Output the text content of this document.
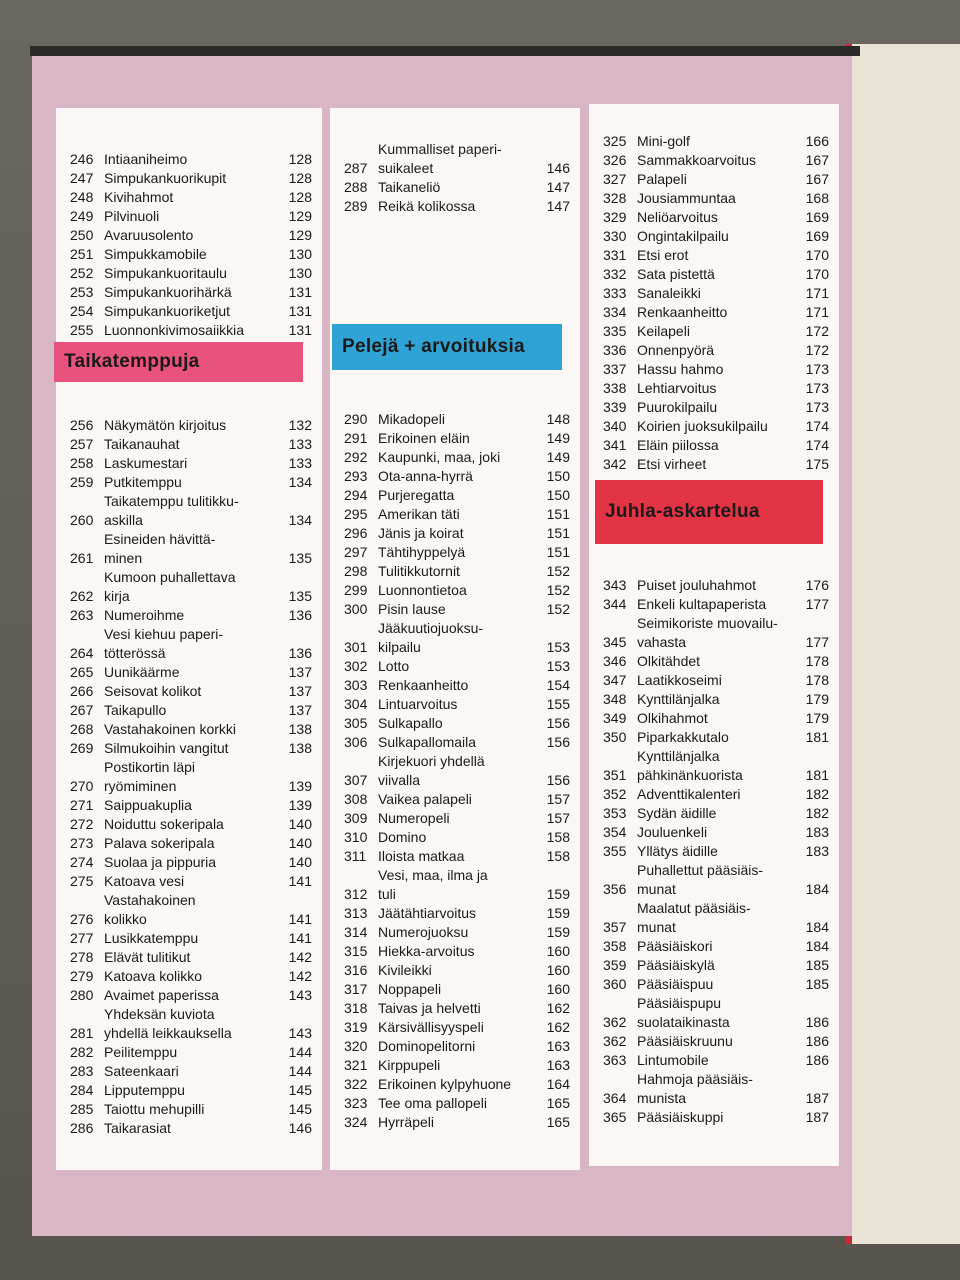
246 Intiaaniheimo	128
247 Simpukankuorikupit	128
248 Kivihahmot	128
249 Pilvinuoli	129
250 Avaruusolento	129
251 Simpukkamobile	130
252 Simpukankuoritaulu	130
253 Simpukankuorihärkä	131
254 Simpukankuoriketjut	131
255 Luonnonkivimosaiikkia	131
Taikatemppuja
256 Näkymätön kirjoitus	132
257 Taikanauhat	133
258 Laskumestari	133
259 Putkitemppu	134
260
Taikatemppu tulitikku-
askilla	134
261
Esineiden hävittä-
minen	135
262
Kumoon puhallettava
kirja	135
263 Numeroihme	136
264
Vesi kiehuu paperi-
tötterössä	136
265 Uunikäärme	137
266 Seisovat kolikot	137
267 Taikapullo	137
268 Vastahakoinen korkki	138
269 Silmukoihin vangitut	138
270
Postikortin läpi
ryömiminen	139
271 Saippuakuplia	139
272 Noiduttu sokeripala	140
273 Palava sokeripala	140
274 Suolaa ja pippuria	140
275 Katoava vesi	141
276
Vastahakoinen
kolikko	141
277 Lusikkatemppu	141
278 Elävät tulitikut	142
279 Katoava kolikko	142
280 Avaimet paperissa	143
281
Yhdeksän kuviota
yhdellä leikkauksella	143
282 Peilitemppu	144
283 Sateenkaari	144
284 Lipputemppu	145
285 Taiottu mehupilli	145
286 Taikarasiat	146
287
Kummalliset paperi-
suikaleet	146
288 Taikaneliö	147
289 Reikä kolikossa	147
Pelejä + arvoituksia
290 Mikadopeli	148
291 Erikoinen eläin	149
292 Kaupunki, maa, joki	149
293 Ota-anna-hyrrä	150
294 Purjeregatta	150
295 Amerikan täti	151
296 Jänis ja koirat	151
297 Tähtihyppelyä	151
298 Tulitikkutornit	152
299 Luonnontietoa	152
300 Pisin lause	152
301
Jääkuutiojuoksu-
kilpailu	153
302 Lotto	153
303 Renkaanheitto	154
304 Lintuarvoitus	155
305 Sulkapallo	156
306 Sulkapallomaila	156
307
Kirjekuori yhdellä
viivalla	156
308 Vaikea palapeli	157
309 Numeropeli	157
310 Domino	158
311 Iloista matkaa	158
312
Vesi, maa, ilma ja
tuli	159
313 Jäätähtiarvoitus	159
314 Numerojuoksu	159
315 Hiekka-arvoitus	160
316 Kivileikki	160
317 Noppapeli	160
318 Taivas ja helvetti	162
319 Kärsivällisyyspeli	162
320 Dominopelitorni	163
321 Kirppupeli	163
322 Erikoinen kylpyhuone	164
323 Tee oma pallopeli	165
324 Hyrräpeli	165
325 Mini-golf	166
326 Sammakkoarvoitus	167
327 Palapeli	167
328 Jousiammuntaa	168
329 Neliöarvoitus	169
330 Ongintakilpailu	169
331 Etsi erot	170
332 Sata pistettä	170
333 Sanaleikki	171
334 Renkaanheitto	171
335 Keilapeli	172
336 Onnenpyörä	172
337 Hassu hahmo	173
338 Lehtiarvoitus	173
339 Puurokilpailu	173
340 Koirien juoksukilpailu	174
341 Eläin piilossa	174
342 Etsi virheet	175
Juhla-askartelua
343 Puiset jouluhahmot	176
344 Enkeli kultapaperista	177
345
Seimikoriste muovailu-
vahasta	177
346 Olkitähdet	178
347 Laatikkoseimi	178
348 Kynttilänjalka	179
349 Olkihahmot	179
350 Piparkakkutalo	181
351
Kynttilänjalka
pähkinänkuorista	181
352 Adventtikalenteri	182
353 Sydän äidille	182
354 Jouluenkeli	183
355 Yllätys äidille	183
356
Puhallettut pääsiäis-
munat	184
357
Maalatut pääsiäis-
munat	184
358 Pääsiäiskori	184
359 Pääsiäiskylä	185
360 Pääsiäispuu	185
362
Pääsiäispupu
suolataikinasta	186
362 Pääsiäiskruunu	186
363 Lintumobile	186
364
Hahmoja pääsiäis-
munista	187
365 Pääsiäiskuppi	187
